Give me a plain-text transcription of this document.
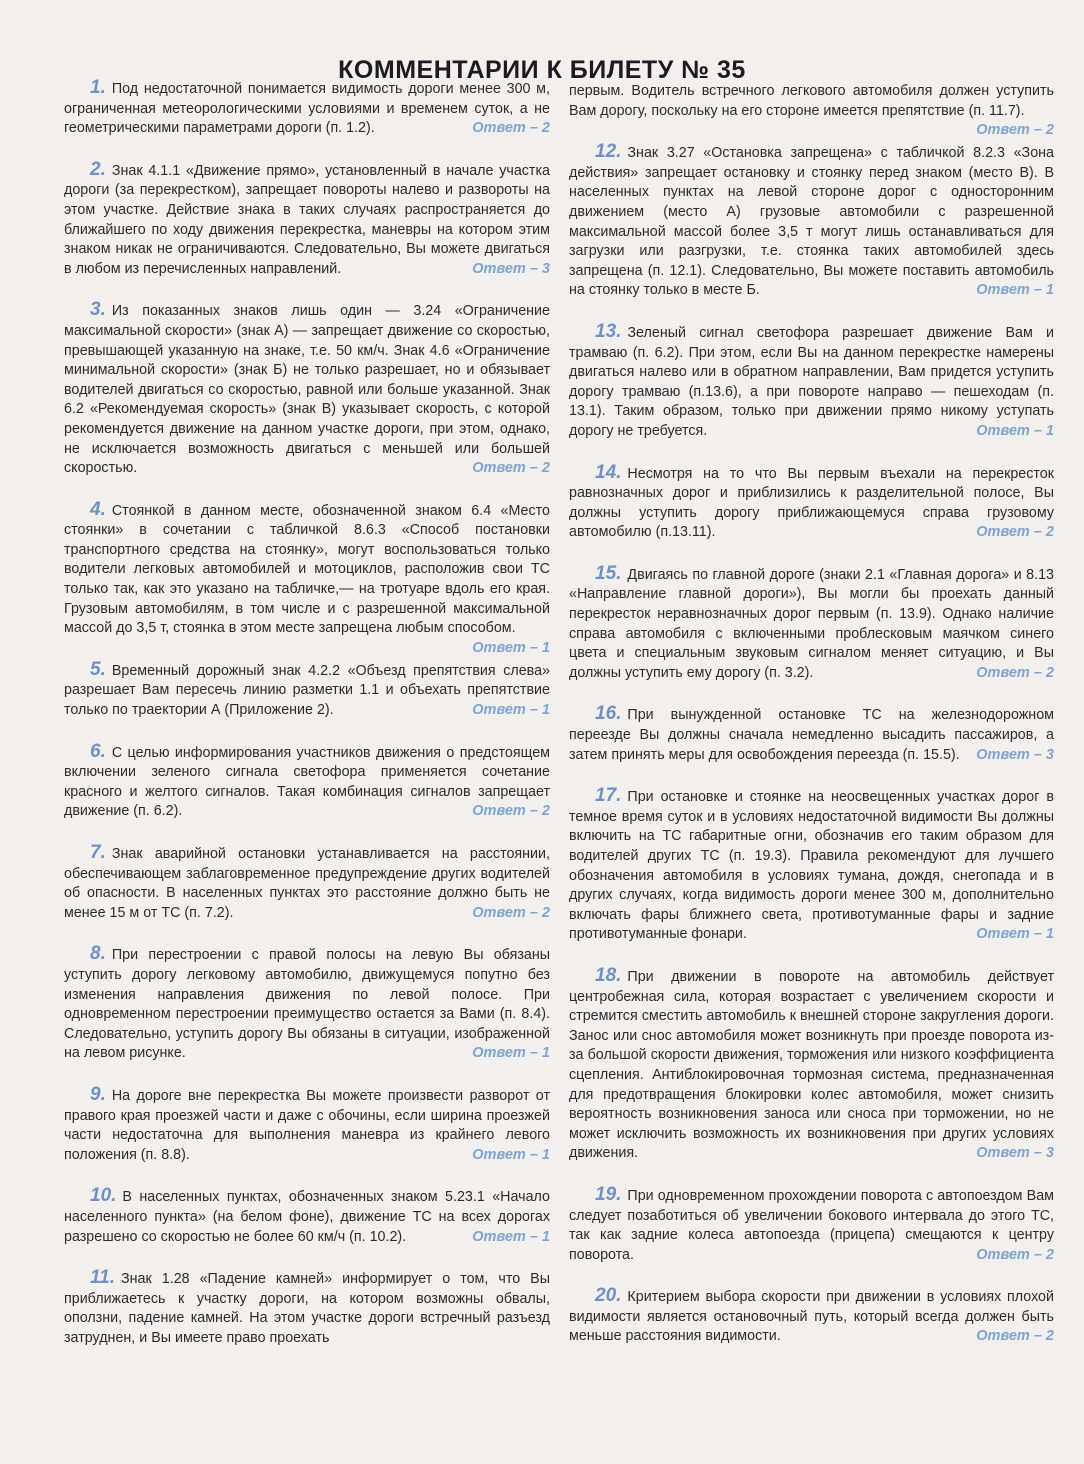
КОММЕНТАРИИ К БИЛЕТУ № 35

1. Под недостаточной понимается видимость дороги менее 300 м, ограниченная метеорологическими условиями и временем суток, а не геометрическими параметрами дороги (п. 1.2).	Ответ – 2

2. Знак 4.1.1 «Движение прямо», установленный в начале участка дороги (за перекрестком), запрещает повороты налево и развороты на этом участке. Действие знака в таких случаях распространяется до ближайшего по ходу движения перекрестка, маневры на котором этим знаком никак не ограничиваются. Следовательно, Вы можете двигаться в любом из перечисленных направлений.	Ответ – 3

3. Из показанных знаков лишь один — 3.24 «Ограничение максимальной скорости» (знак А) — запрещает движение со скоростью, превышающей указанную на знаке, т.е. 50 км/ч. Знак 4.6 «Ограничение минимальной скорости» (знак Б) не только разрешает, но и обязывает водителей двигаться со скоростью, равной или больше указанной. Знак 6.2 «Рекомендуемая скорость» (знак В) указывает скорость, с которой рекомендуется движение на данном участке дороги, при этом, однако, не исключается возможность двигаться с меньшей или большей скоростью.	Ответ – 2

4. Стоянкой в данном месте, обозначенной знаком 6.4 «Место стоянки» в сочетании с табличкой 8.6.3 «Способ постановки транспортного средства на стоянку», могут воспользоваться только водители легковых автомобилей и мотоциклов, расположив свои ТС только так, как это указано на табличке,— на тротуаре вдоль его края. Грузовым автомобилям, в том числе и с разрешенной максимальной массой до 3,5 т, стоянка в этом месте запрещена любым способом.
Ответ – 1

5. Временный дорожный знак 4.2.2 «Объезд препятствия слева» разрешает Вам пересечь линию разметки 1.1 и объехать препятствие только по траектории А (Приложение 2).	Ответ – 1

6. С целью информирования участников движения о предстоящем включении зеленого сигнала светофора применяется сочетание красного и желтого сигналов. Такая комбинация сигналов запрещает движение (п. 6.2).	Ответ – 2

7. Знак аварийной остановки устанавливается на расстоянии, обеспечивающем заблаговременное предупреждение других водителей об опасности. В населенных пунктах это расстояние должно быть не менее 15 м от ТС (п. 7.2).	Ответ – 2

8. При перестроении с правой полосы на левую Вы обязаны уступить дорогу легковому автомобилю, движущемуся попутно без изменения направления движения по левой полосе. При одновременном перестроении преимущество остается за Вами (п. 8.4). Следовательно, уступить дорогу Вы обязаны в ситуации, изображенной на левом рисунке.	Ответ – 1

9. На дороге вне перекрестка Вы можете произвести разворот от правого края проезжей части и даже с обочины, если ширина проезжей части недостаточна для выполнения маневра из крайнего левого положения (п. 8.8).	Ответ – 1

10. В населенных пунктах, обозначенных знаком 5.23.1 «Начало населенного пункта» (на белом фоне), движение ТС на всех дорогах разрешено со скоростью не более 60 км/ч (п. 10.2).	Ответ – 1

11. Знак 1.28 «Падение камней» информирует о том, что Вы приближаетесь к участку дороги, на котором возможны обвалы, оползни, падение камней. На этом участке дороги встречный разъезд затруднен, и Вы имеете право проехать

первым. Водитель встречного легкового автомобиля должен уступить Вам дорогу, поскольку на его стороне имеется препятствие (п. 11.7).
Ответ – 2

12. Знак 3.27 «Остановка запрещена» с табличкой 8.2.3 «Зона действия» запрещает остановку и стоянку перед знаком (место В). В населенных пунктах на левой стороне дорог с односторонним движением (место А) грузовые автомобили с разрешенной максимальной массой более 3,5 т могут лишь останавливаться для загрузки или разгрузки, т.е. стоянка таких автомобилей здесь запрещена (п. 12.1). Следовательно, Вы можете поставить автомобиль на стоянку только в месте Б.	Ответ – 1

13. Зеленый сигнал светофора разрешает движение Вам и трамваю (п. 6.2). При этом, если Вы на данном перекрестке намерены двигаться налево или в обратном направлении, Вам придется уступить дорогу трамваю (п.13.6), а при повороте направо — пешеходам (п. 13.1). Таким образом, только при движении прямо никому уступать дорогу не требуется.	Ответ – 1

14. Несмотря на то что Вы первым въехали на перекресток равнозначных дорог и приблизились к разделительной полосе, Вы должны уступить дорогу приближающемуся справа грузовому автомобилю (п.13.11).	Ответ – 2

15. Двигаясь по главной дороге (знаки 2.1 «Главная дорога» и 8.13 «Направление главной дороги»), Вы могли бы проехать данный перекресток неравнозначных дорог первым (п. 13.9). Однако наличие справа автомобиля с включенными проблесковым маячком синего цвета и специальным звуковым сигналом меняет ситуацию, и Вы должны уступить ему дорогу (п. 3.2).	Ответ – 2

16. При вынужденной остановке ТС на железнодорожном переезде Вы должны сначала немедленно высадить пассажиров, а затем принять меры для освобождения переезда (п. 15.5). Ответ – 3

17. При остановке и стоянке на неосвещенных участках дорог в темное время суток и в условиях недостаточной видимости Вы должны включить на ТС габаритные огни, обозначив его таким образом для водителей других ТС (п. 19.3). Правила рекомендуют для лучшего обозначения автомобиля в условиях тумана, дождя, снегопада и в других случаях, когда видимость дороги менее 300 м, дополнительно включать фары ближнего света, противотуманные фары и задние противотуманные фонари.	Ответ – 1

18. При движении в повороте на автомобиль действует центробежная сила, которая возрастает с увеличением скорости и стремится сместить автомобиль к внешней стороне закругления дороги. Занос или снос автомобиля может возникнуть при проезде поворота из-за большой скорости движения, торможения или низкого коэффициента сцепления. Антиблокировочная тормозная система, предназначенная для предотвращения блокировки колес автомобиля, может снизить вероятность возникновения заноса или сноса при торможении, но не может исключить возможность их возникновения при других условиях движения.	Ответ – 3

19. При одновременном прохождении поворота с автопоездом Вам следует позаботиться об увеличении бокового интервала до этого ТС, так как задние колеса автопоезда (прицепа) смещаются к центру поворота.	Ответ – 2

20. Критерием выбора скорости при движении в условиях плохой видимости является остановочный путь, который всегда должен быть меньше расстояния видимости.	Ответ – 2
